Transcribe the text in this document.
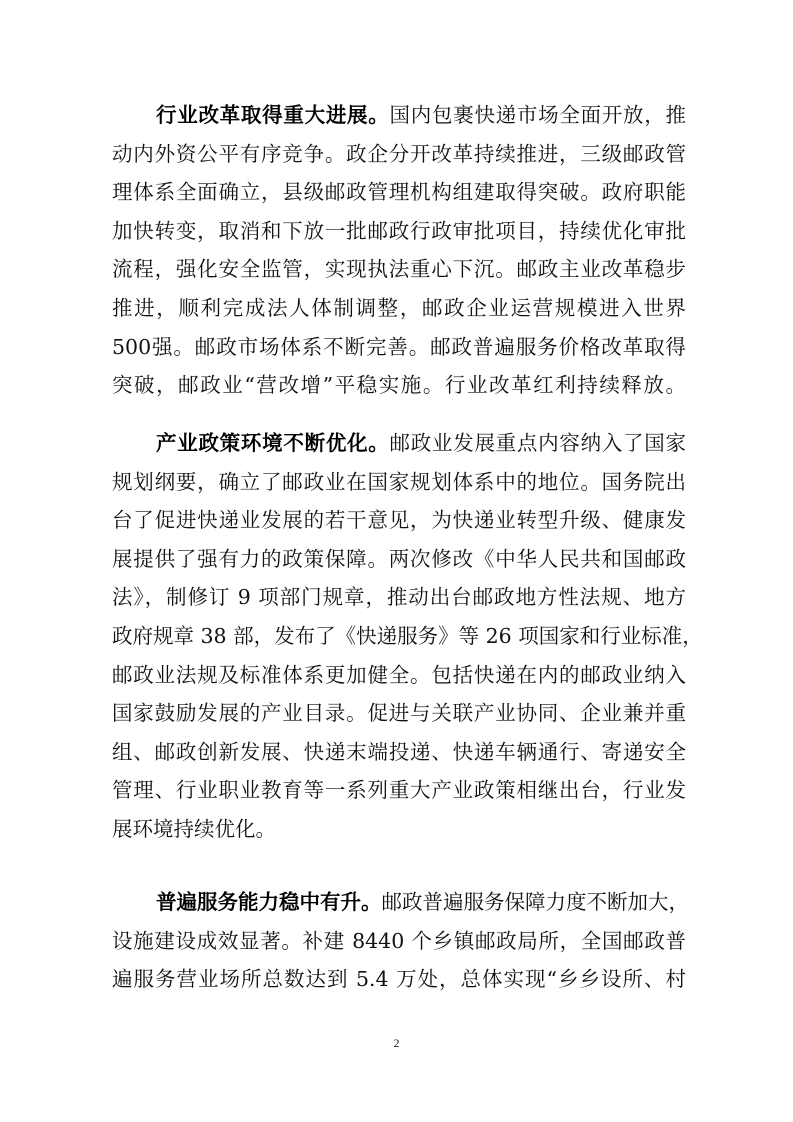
行业改革取得重大进展。国内包裹快递市场全面开放，推
动内外资公平有序竞争。政企分开改革持续推进，三级邮政管
理体系全面确立，县级邮政管理机构组建取得突破。政府职能
加快转变，取消和下放一批邮政行政审批项目，持续优化审批
流程，强化安全监管，实现执法重心下沉。邮政主业改革稳步
推进，顺利完成法人体制调整，邮政企业运营规模进入世界
500强。邮政市场体系不断完善。邮政普遍服务价格改革取得
突破，邮政业“营改增”平稳实施。行业改革红利持续释放。
产业政策环境不断优化。邮政业发展重点内容纳入了国家
规划纲要，确立了邮政业在国家规划体系中的地位。国务院出
台了促进快递业发展的若干意见，为快递业转型升级、健康发
展提供了强有力的政策保障。两次修改《中华人民共和国邮政
法》，制修订 9 项部门规章，推动出台邮政地方性法规、地方
政府规章 38 部，发布了《快递服务》等 26 项国家和行业标准，
邮政业法规及标准体系更加健全。包括快递在内的邮政业纳入
国家鼓励发展的产业目录。促进与关联产业协同、企业兼并重
组、邮政创新发展、快递末端投递、快递车辆通行、寄递安全
管理、行业职业教育等一系列重大产业政策相继出台，行业发
展环境持续优化。
普遍服务能力稳中有升。邮政普遍服务保障力度不断加大，
设施建设成效显著。补建 8440 个乡镇邮政局所，全国邮政普
遍服务营业场所总数达到 5.4 万处，总体实现“乡乡设所、村
2
